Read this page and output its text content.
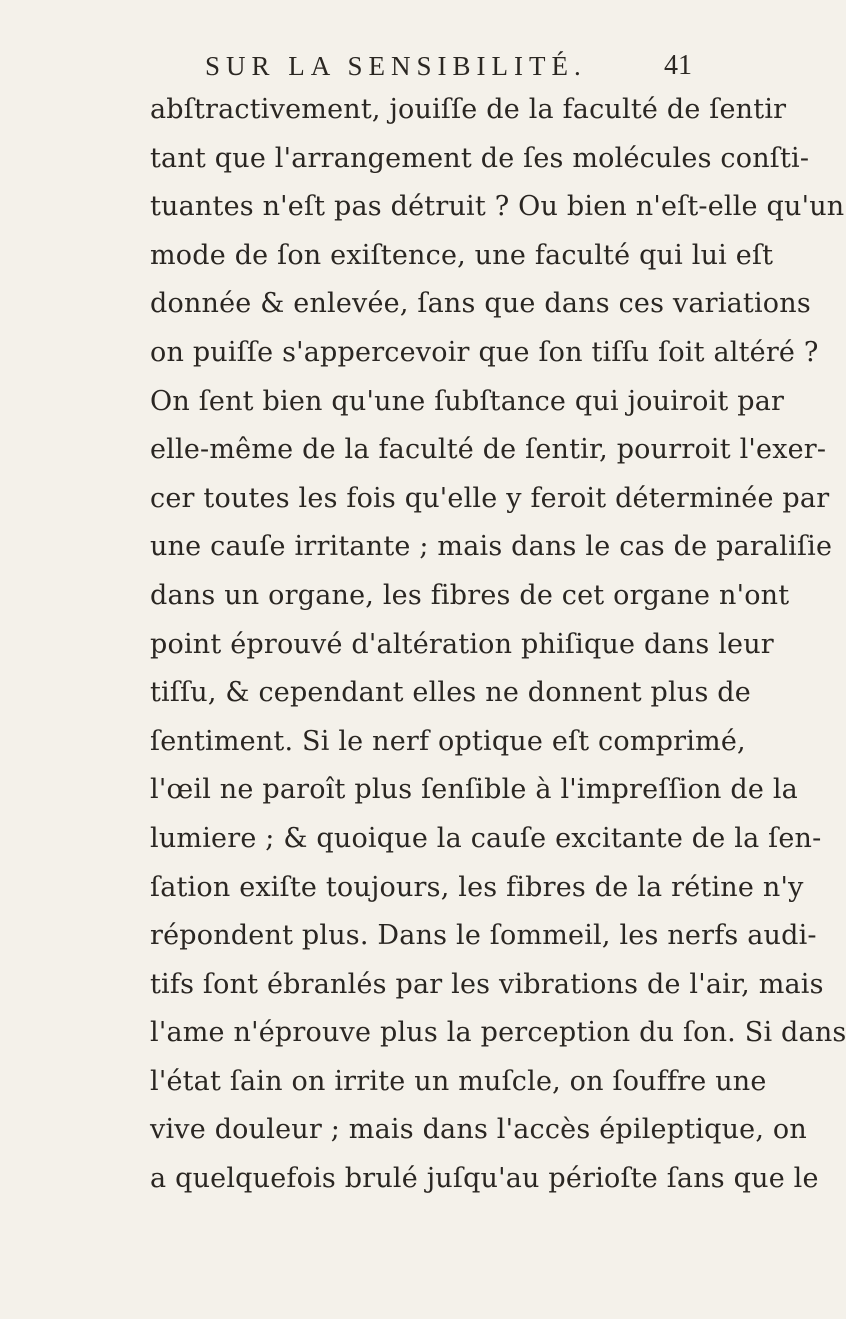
SUR LA SENSIBILITÉ.	41
abſtractivement, jouiſſe de la faculté de ſentir
tant que l'arrangement de ſes molécules conſti-
tuantes n'eſt pas détruit ? Ou bien n'eſt-elle qu'un
mode de ſon exiſtence, une faculté qui lui eſt
donnée & enlevée, ſans que dans ces variations
on puiſſe s'appercevoir que ſon tiſſu ſoit altéré ?
On ſent bien qu'une ſubſtance qui jouiroit par
elle-même de la faculté de ſentir, pourroit l'exer-
cer toutes les fois qu'elle y feroit déterminée par
une cauſe irritante ; mais dans le cas de paraliſie
dans un organe, les fibres de cet organe n'ont
point éprouvé d'altération phiſique dans leur
tiſſu, & cependant elles ne donnent plus de
ſentiment. Si le nerf optique eſt comprimé,
l'œil ne paroît plus ſenſible à l'impreſſion de la
lumiere ; & quoique la cauſe excitante de la ſen-
ſation exiſte toujours, les fibres de la rétine n'y
répondent plus. Dans le ſommeil, les nerfs audi-
tifs ſont ébranlés par les vibrations de l'air, mais
l'ame n'éprouve plus la perception du ſon. Si dans
l'état ſain on irrite un muſcle, on ſouffre une
vive douleur ; mais dans l'accès épileptique, on
a quelquefois brulé juſqu'au périoſte ſans que le
